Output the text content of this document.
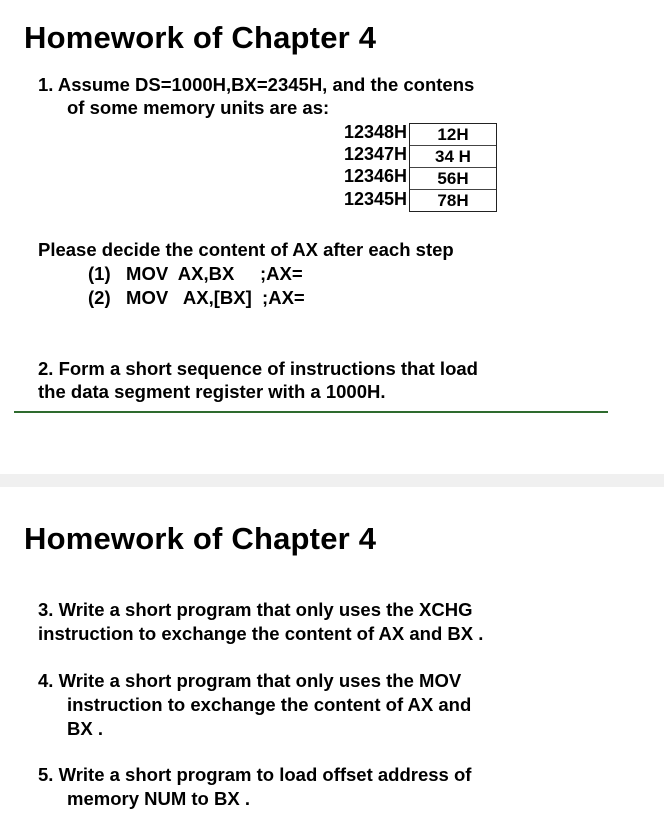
Homework of Chapter 4

1. Assume DS=1000H,BX=2345H, and the contens

of some memory units are as:

12348H
12347H
12346H
12345H
12H
34 H
56H
78H

Please decide the content of AX after each step

(1)   MOV  AX,BX     ;AX=

(2)   MOV   AX,[BX]  ;AX=

2. Form a short sequence of instructions that load

the data segment register with a 1000H.

Homework of Chapter 4

3. Write a short program that only uses the XCHG

instruction to exchange the content of AX and BX .

4. Write a short program that only uses the MOV

instruction to exchange the content of AX and

BX .

5. Write a short program to load offset address of

memory NUM to BX .
